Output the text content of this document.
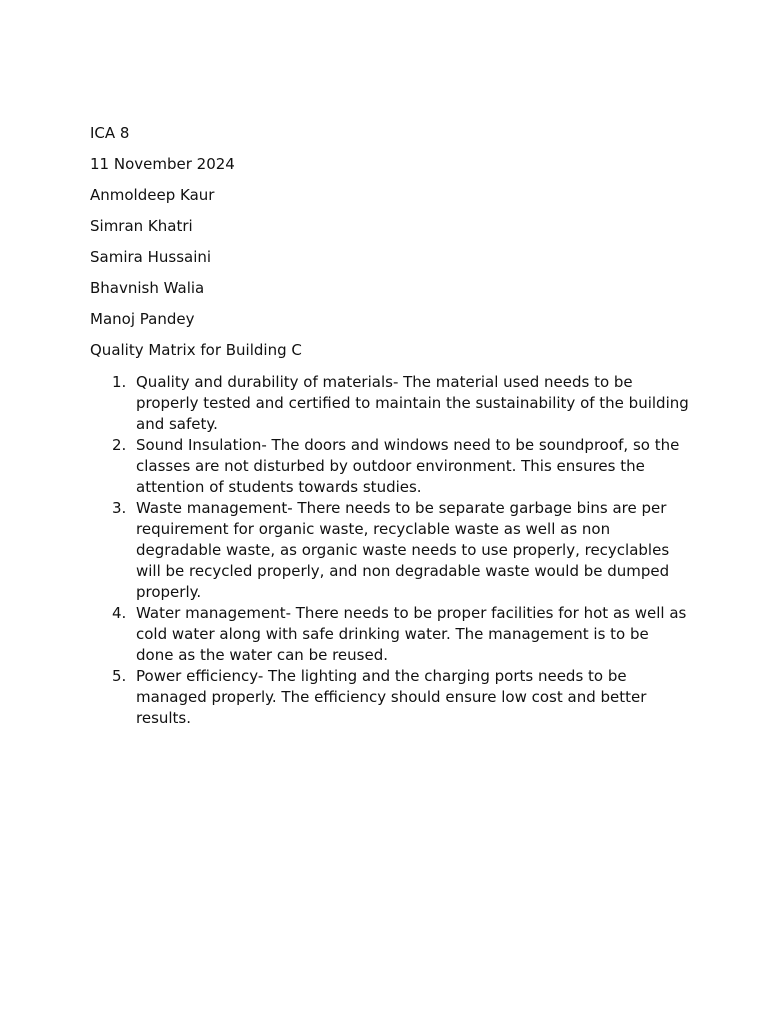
ICA 8

11 November 2024

Anmoldeep Kaur

Simran Khatri

Samira Hussaini

Bhavnish Walia

Manoj Pandey

Quality Matrix for Building C

1. Quality and durability of materials- The material used needs to be properly tested and certified to maintain the sustainability of the building and safety.
2. Sound Insulation- The doors and windows need to be soundproof, so the classes are not disturbed by outdoor environment. This ensures the attention of students towards studies.
3. Waste management- There needs to be separate garbage bins are per requirement for organic waste, recyclable waste as well as non degradable waste, as organic waste needs to use properly, recyclables will be recycled properly, and non degradable waste would be dumped properly.
4. Water management- There needs to be proper facilities for hot as well as cold water along with safe drinking water. The management is to be done as the water can be reused.
5. Power efficiency- The lighting and the charging ports needs to be managed properly. The efficiency should ensure low cost and better results.
